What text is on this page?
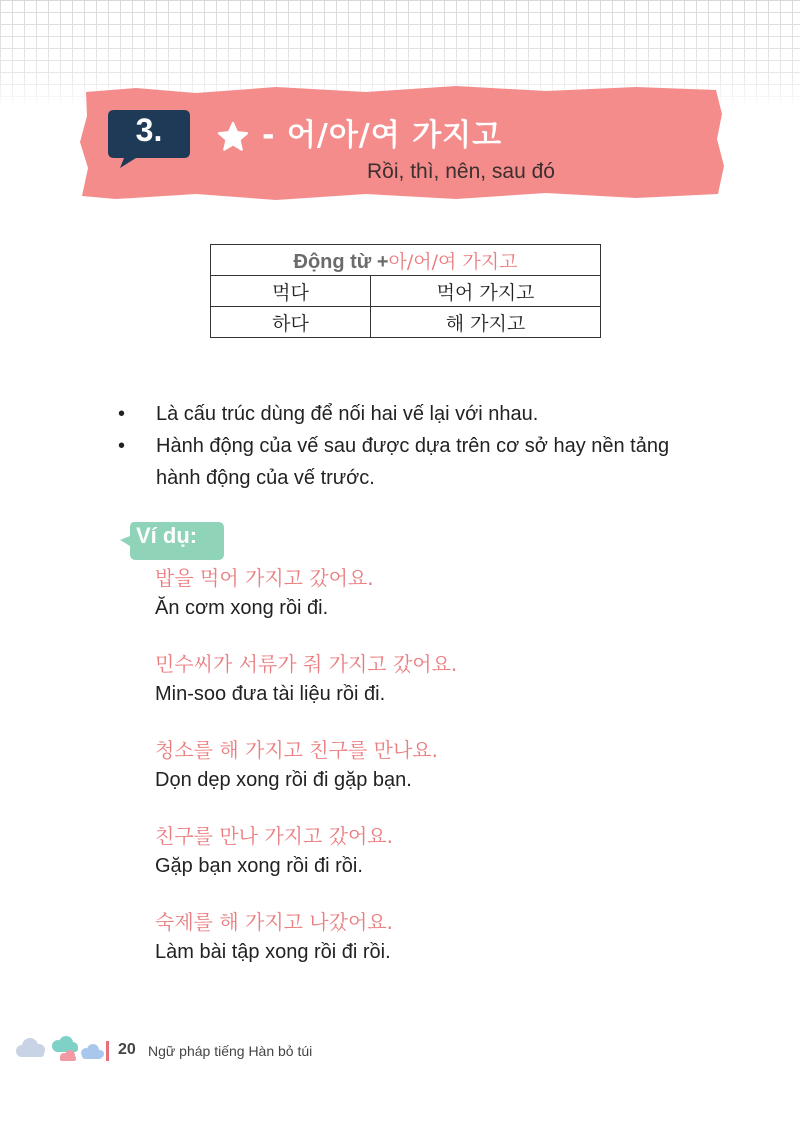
3.	- 어/아/여 가지고
Rồi, thì, nên, sau đó
Động từ +아/어/여 가지고	
먹다	먹어 가지고
하다	해 가지고
• Là cấu trúc dùng để nối hai vế lại với nhau.
• Hành động của vế sau được dựa trên cơ sở hay nền tảng hành động của vế trước.
Ví dụ:
밥을 먹어 가지고 갔어요.
Ăn cơm xong rồi đi.
민수씨가 서류가 줘 가지고 갔어요.
Min-soo đưa tài liệu rồi đi.
청소를 해 가지고 친구를 만나요.
Dọn dẹp xong rồi đi gặp bạn.
친구를 만나 가지고 갔어요.
Gặp bạn xong rồi đi rồi.
숙제를 해 가지고 나갔어요.
Làm bài tập xong rồi đi rồi.
20 Ngữ pháp tiếng Hàn bỏ túi
